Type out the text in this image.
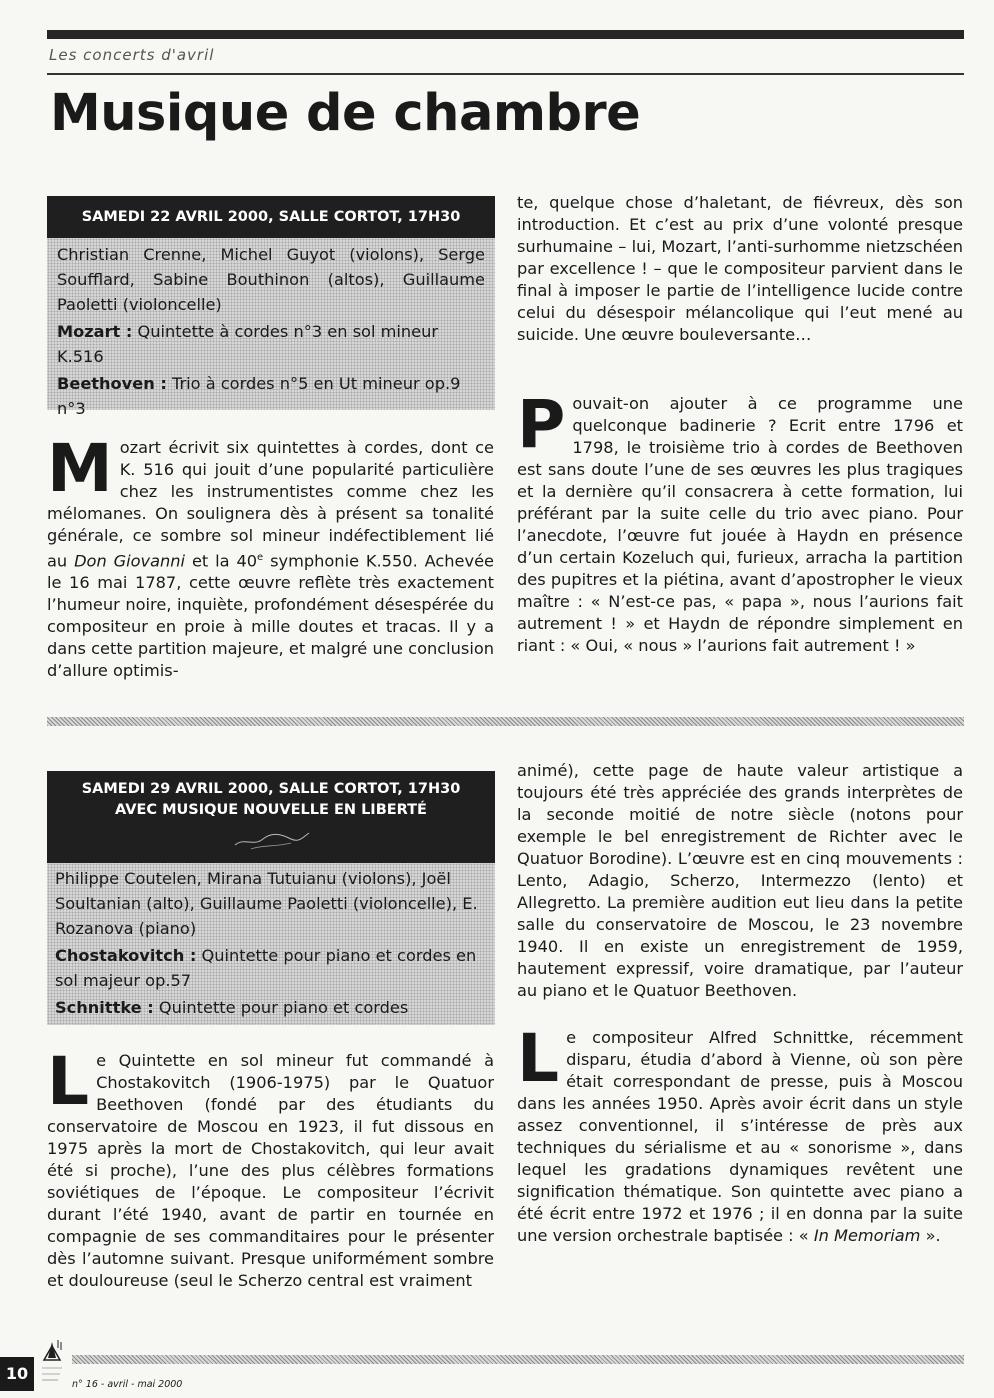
Les concerts d'avril
Musique de chambre
SAMEDI 22 AVRIL 2000, SALLE CORTOT, 17H30

Christian Crenne, Michel Guyot (violons), Serge Soufflard, Sabine Bouthinon (altos), Guillaume Paoletti (violoncelle)

Mozart : Quintette à cordes n°3 en sol mineur K.516

Beethoven : Trio à cordes n°5 en Ut mineur op.9 n°3

Mozart écrivit six quintettes à cordes, dont ce K. 516 qui jouit d’une popularité particulière chez les instrumentistes comme chez les mélomanes. On soulignera dès à présent sa tonalité générale, ce sombre sol mineur indéfectiblement lié au Don Giovanni et la 40e symphonie K.550. Achevée le 16 mai 1787, cette œuvre reflète très exactement l’humeur noire, inquiète, profondément désespérée du compositeur en proie à mille doutes et tracas. Il y a dans cette partition majeure, et malgré une conclusion d’allure optimis-
te, quelque chose d’haletant, de fiévreux, dès son introduction. Et c’est au prix d’une volonté presque surhumaine – lui, Mozart, l’anti-surhomme nietzschéen par excellence ! – que le compositeur parvient dans le final à imposer le partie de l’intelligence lucide contre celui du désespoir mélancolique qui l’eut mené au suicide. Une œuvre bouleversante…
Pouvait-on ajouter à ce programme une quelconque badinerie ? Ecrit entre 1796 et 1798, le troisième trio à cordes de Beethoven est sans doute l’une de ses œuvres les plus tragiques et la dernière qu’il consacrera à cette formation, lui préférant par la suite celle du trio avec piano. Pour l’anecdote, l’œuvre fut jouée à Haydn en présence d’un certain Kozeluch qui, furieux, arracha la partition des pupitres et la piétina, avant d’apostropher le vieux maître : « N’est-ce pas, « papa », nous l’aurions fait autrement ! » et Haydn de répondre simplement en riant : « Oui, « nous » l’aurions fait autrement ! »
SAMEDI 29 AVRIL 2000, SALLE CORTOT, 17H30
AVEC MUSIQUE NOUVELLE EN LIBERTÉ

Philippe Coutelen, Mirana Tutuianu (violons), Joël Soultanian (alto), Guillaume Paoletti (violoncelle), E. Rozanova (piano)

Chostakovitch : Quintette pour piano et cordes en sol majeur op.57

Schnittke : Quintette pour piano et cordes

Le Quintette en sol mineur fut commandé à Chostakovitch (1906-1975) par le Quatuor Beethoven (fondé par des étudiants du conservatoire de Moscou en 1923, il fut dissous en 1975 après la mort de Chostakovitch, qui leur avait été si proche), l’une des plus célèbres formations soviétiques de l’époque. Le compositeur l’écrivit durant l’été 1940, avant de partir en tournée en compagnie de ses commanditaires pour le présenter dès l’automne suivant. Presque uniformément sombre et douloureuse (seul le Scherzo central est vraiment
animé), cette page de haute valeur artistique a toujours été très appréciée des grands interprètes de la seconde moitié de notre siècle (notons pour exemple le bel enregistrement de Richter avec le Quatuor Borodine). L’œuvre est en cinq mouvements : Lento, Adagio, Scherzo, Intermezzo (lento) et Allegretto. La première audition eut lieu dans la petite salle du conservatoire de Moscou, le 23 novembre 1940. Il en existe un enregistrement de 1959, hautement expressif, voire dramatique, par l’auteur au piano et le Quatuor Beethoven.
Le compositeur Alfred Schnittke, récemment disparu, étudia d’abord à Vienne, où son père était correspondant de presse, puis à Moscou dans les années 1950. Après avoir écrit dans un style assez conventionnel, il s’intéresse de près aux techniques du sérialisme et au « sonorisme », dans lequel les gradations dynamiques revêtent une signification thématique. Son quintette avec piano a été écrit entre 1972 et 1976 ; il en donna par la suite une version orchestrale baptisée : « In Memoriam ».
10
n° 16 - avril - mai 2000
